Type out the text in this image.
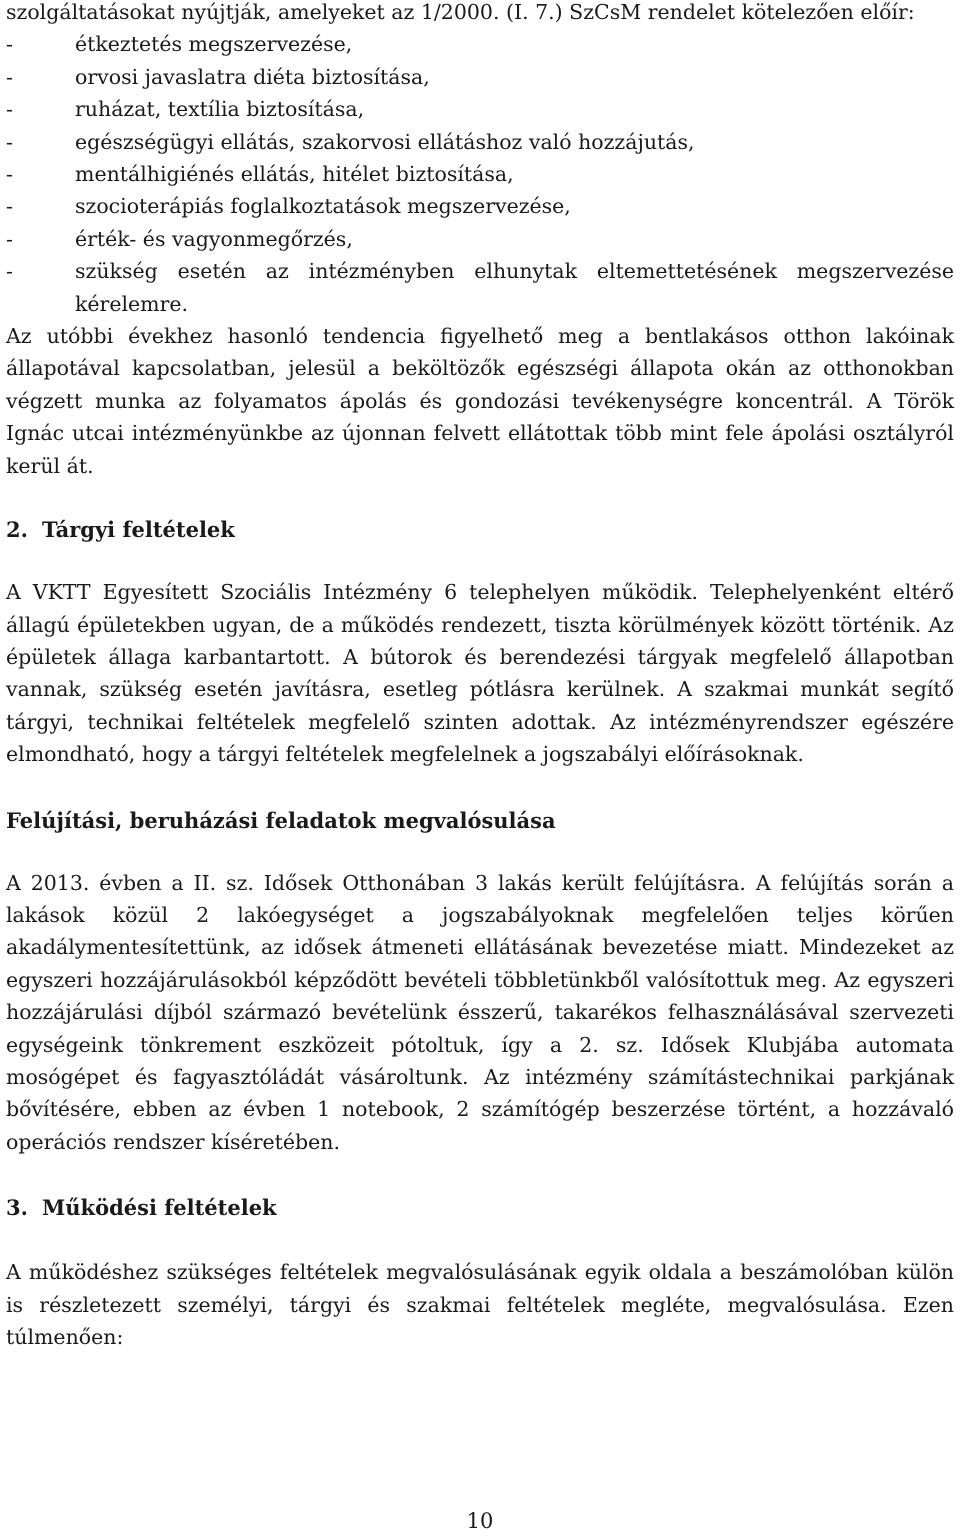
szolgáltatásokat nyújtják, amelyeket az 1/2000. (I. 7.) SzCsM rendelet kötelezően előír:

-	étkeztetés megszervezése,
-	orvosi javaslatra diéta biztosítása,
-	ruházat, textília biztosítása,
-	egészségügyi ellátás, szakorvosi ellátáshoz való hozzájutás,
-	mentálhigiénés ellátás, hitélet biztosítása,
-	szocioterápiás foglalkoztatások megszervezése,
-	érték- és vagyonmegőrzés,
-	szükség esetén az intézményben elhunytak eltemettetésének megszervezése kérelemre.

Az utóbbi évekhez hasonló tendencia figyelhető meg a bentlakásos otthon lakóinak állapotával kapcsolatban, jelesül a beköltözők egészségi állapota okán az otthonokban végzett munka az folyamatos ápolás és gondozási tevékenységre koncentrál. A Török Ignác utcai intézményünkbe az újonnan felvett ellátottak több mint fele ápolási osztályról kerül át.

2. Tárgyi feltételek

A VKTT Egyesített Szociális Intézmény 6 telephelyen működik. Telephelyenként eltérő állagú épületekben ugyan, de a működés rendezett, tiszta körülmények között történik. Az épületek állaga karbantartott. A bútorok és berendezési tárgyak megfelelő állapotban vannak, szükség esetén javításra, esetleg pótlásra kerülnek. A szakmai munkát segítő tárgyi, technikai feltételek megfelelő szinten adottak. Az intézményrendszer egészére elmondható, hogy a tárgyi feltételek megfelelnek a jogszabályi előírásoknak.

Felújítási, beruházási feladatok megvalósulása

A 2013. évben a II. sz. Idősek Otthonában 3 lakás került felújításra. A felújítás során a lakások közül 2 lakóegységet a jogszabályoknak megfelelően teljes körűen akadálymentesítettünk, az idősek átmeneti ellátásának bevezetése miatt. Mindezeket az egyszeri hozzájárulásokból képződött bevételi többletünkből valósítottuk meg. Az egyszeri hozzájárulási díjból származó bevételünk ésszerű, takarékos felhasználásával szervezeti egységeink tönkrement eszközeit pótoltuk, így a 2. sz. Idősek Klubjába automata mosógépet és fagyasztóládát vásároltunk. Az intézmény számítástechnikai parkjának bővítésére, ebben az évben 1 notebook, 2 számítógép beszerzése történt, a hozzávaló operációs rendszer kíséretében.

3. Működési feltételek

A működéshez szükséges feltételek megvalósulásának egyik oldala a beszámolóban külön is részletezett személyi, tárgyi és szakmai feltételek megléte, megvalósulása. Ezen túlmenően:

10
